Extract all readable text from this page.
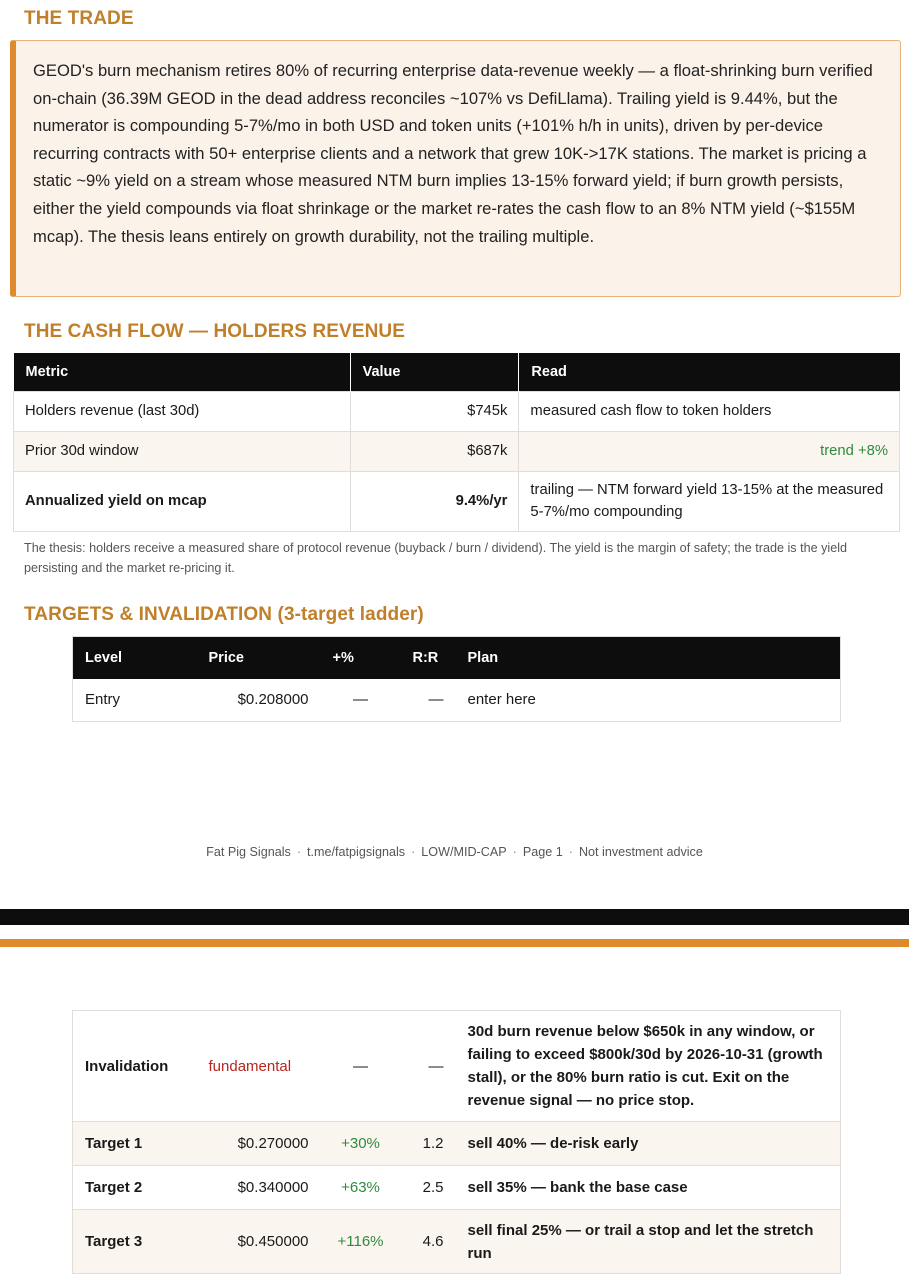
THE TRADE

GEOD's burn mechanism retires 80% of recurring enterprise data-revenue weekly — a float-shrinking burn verified on-chain (36.39M GEOD in the dead address reconciles ~107% vs DefiLlama). Trailing yield is 9.44%, but the numerator is compounding 5-7%/mo in both USD and token units (+101% h/h in units), driven by per-device recurring contracts with 50+ enterprise clients and a network that grew 10K->17K stations. The market is pricing a static ~9% yield on a stream whose measured NTM burn implies 13-15% forward yield; if burn growth persists, either the yield compounds via float shrinkage or the market re-rates the cash flow to an 8% NTM yield (~$155M mcap). The thesis leans entirely on growth durability, not the trailing multiple.

THE CASH FLOW — HOLDERS REVENUE
Metric	Value	Read
Holders revenue (last 30d)	$745k	measured cash flow to token holders
Prior 30d window	$687k	trend +8%
Annualized yield on mcap	9.4%/yr	trailing — NTM forward yield 13-15% at the measured 5-7%/mo compounding
The thesis: holders receive a measured share of protocol revenue (buyback / burn / dividend). The yield is the margin of safety; the trade is the yield persisting and the market re-pricing it.
TARGETS & INVALIDATION (3-target ladder)
Level	Price	+%	R:R	Plan
Entry	$0.208000	—	—	enter here
Fat Pig Signals · t.me/fatpigsignals · LOW/MID-CAP · Page 1 · Not investment advice
Invalidation	fundamental	—	—	30d burn revenue below $650k in any window, or failing to exceed $800k/30d by 2026-10-31 (growth stall), or the 80% burn ratio is cut. Exit on the revenue signal — no price stop.
Target 1	$0.270000	+30%	1.2	sell 40% — de-risk early
Target 2	$0.340000	+63%	2.5	sell 35% — bank the base case
Target 3	$0.450000	+116%	4.6	sell final 25% — or trail a stop and let the stretch run
